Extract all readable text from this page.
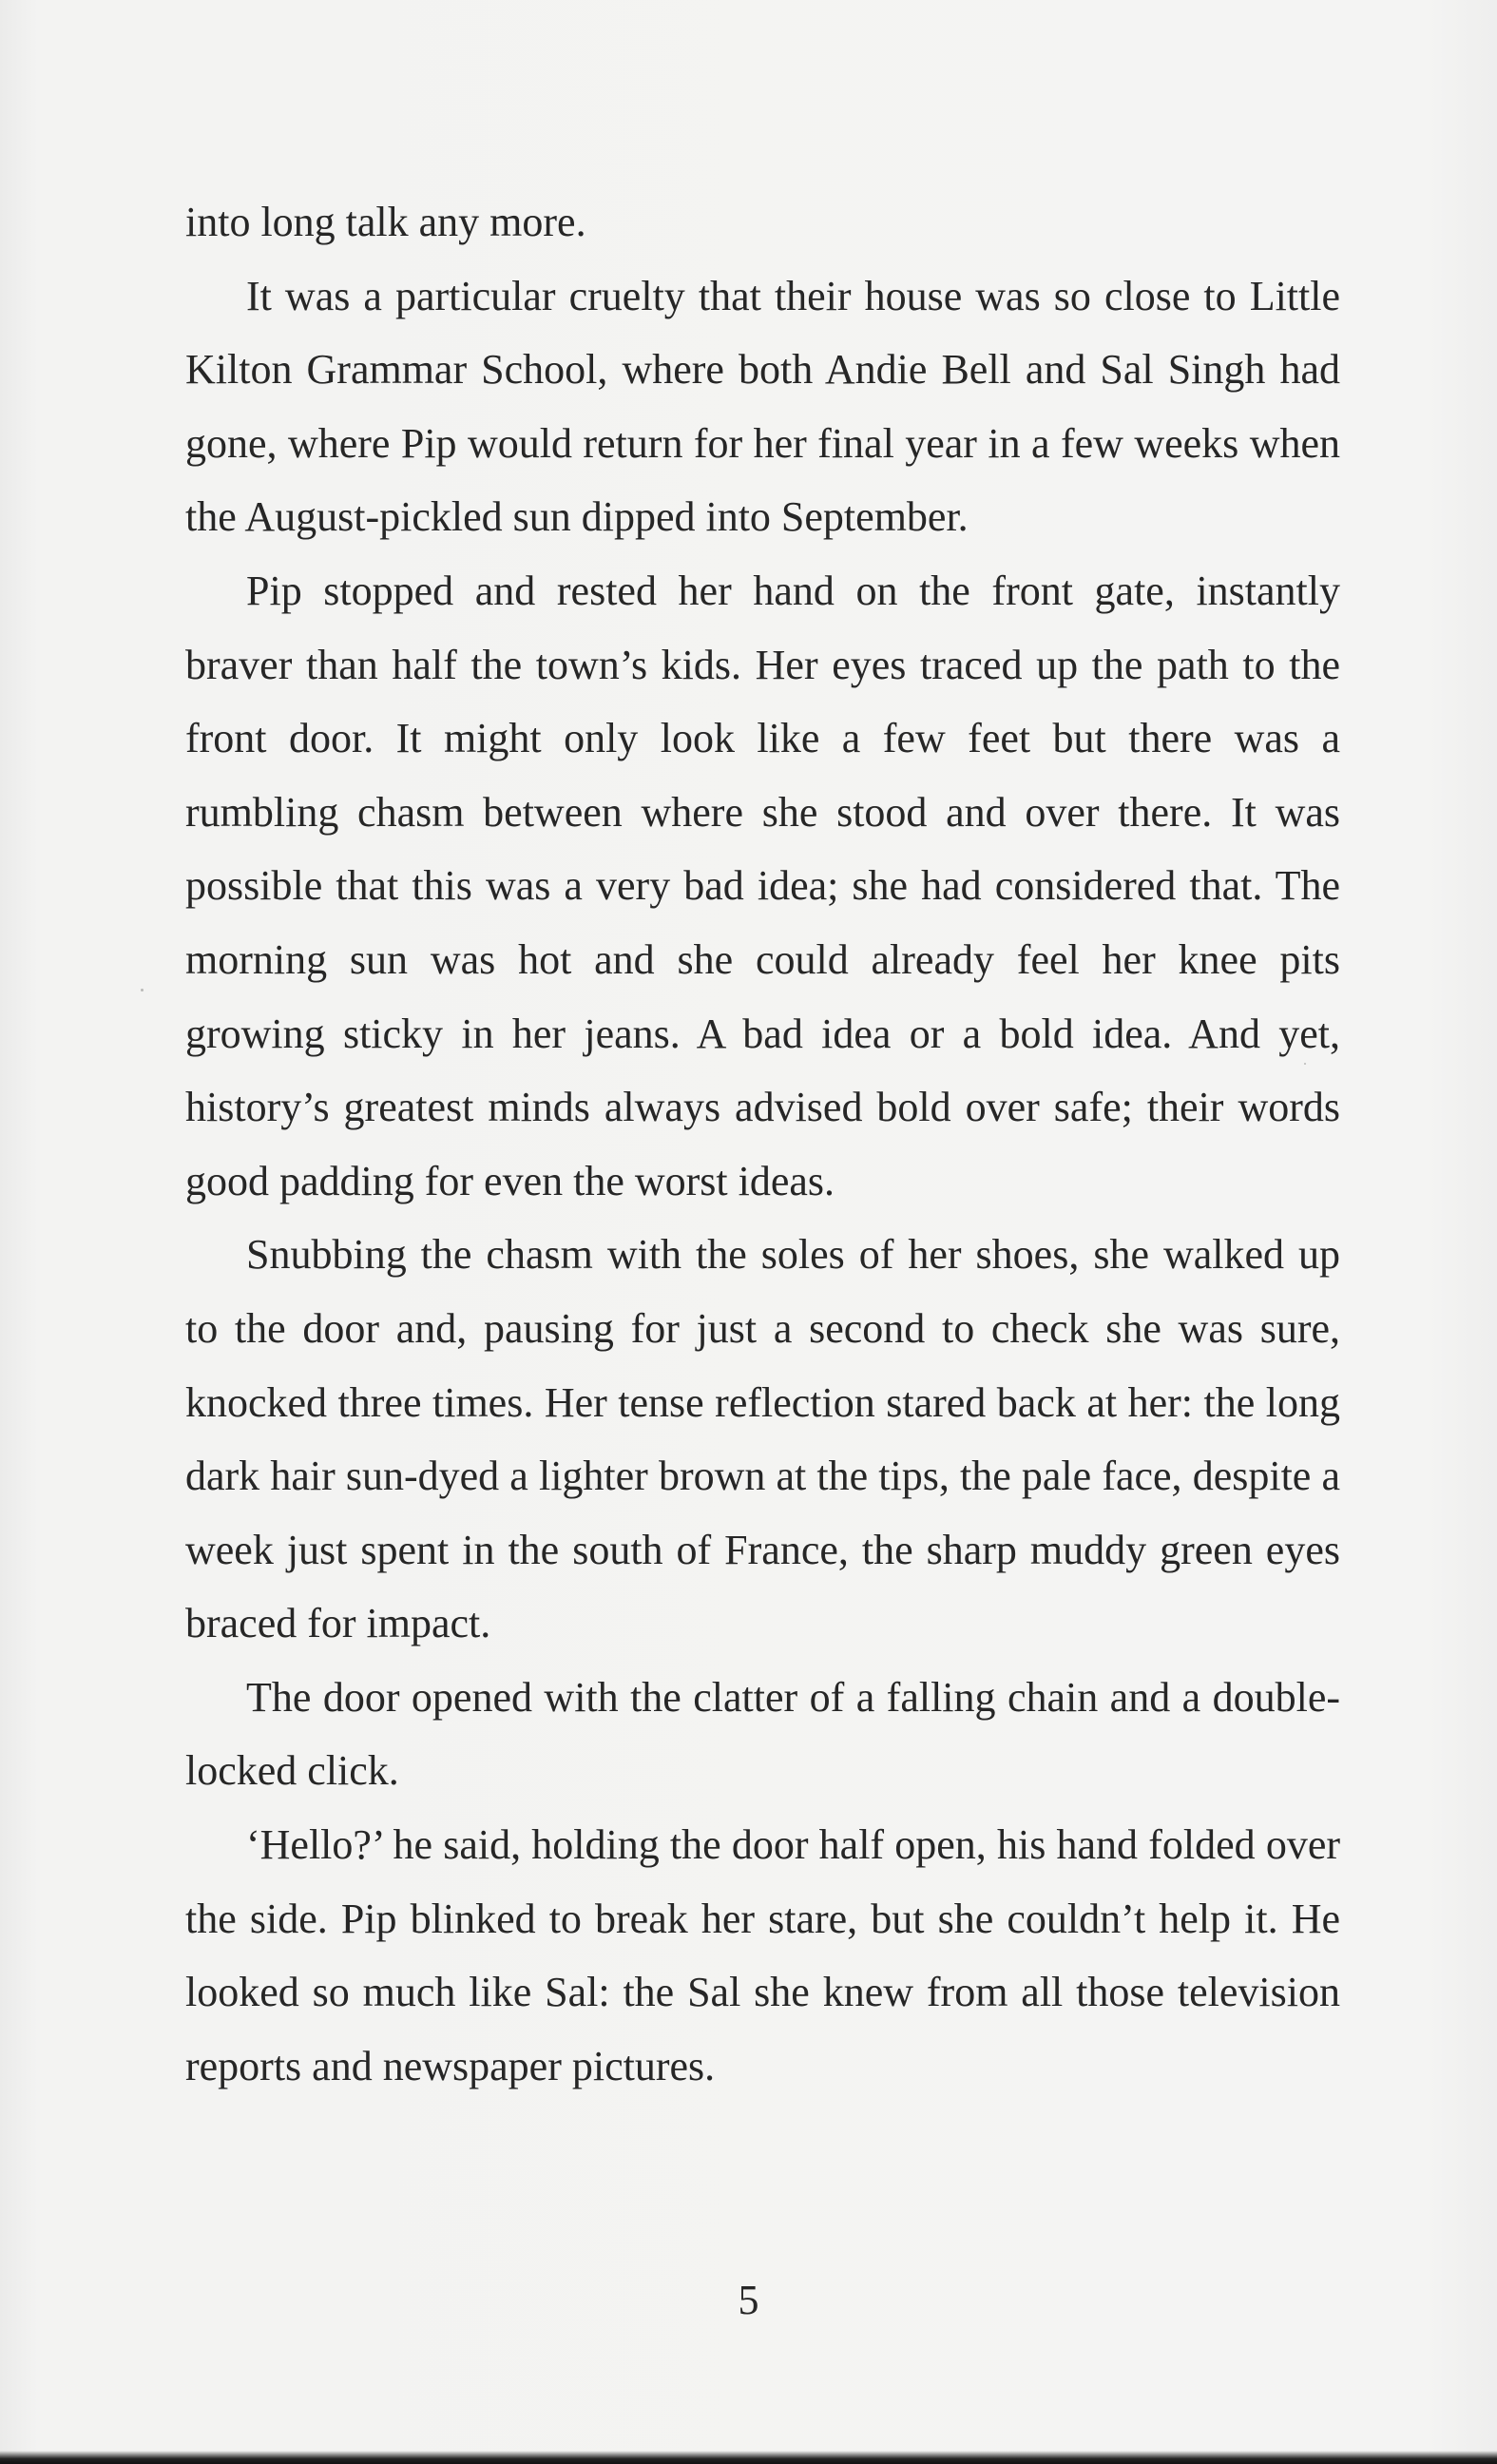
into long talk any more.

It was a particular cruelty that their house was so close to Little Kilton Grammar School, where both Andie Bell and Sal Singh had gone, where Pip would return for her final year in a few weeks when the August-pickled sun dipped into September.

Pip stopped and rested her hand on the front gate, instantly braver than half the town’s kids. Her eyes traced up the path to the front door. It might only look like a few feet but there was a rumbling chasm between where she stood and over there. It was possible that this was a very bad idea; she had considered that. The morning sun was hot and she could already feel her knee pits growing sticky in her jeans. A bad idea or a bold idea. And yet, history’s greatest minds always advised bold over safe; their words good padding for even the worst ideas.

Snubbing the chasm with the soles of her shoes, she walked up to the door and, pausing for just a second to check she was sure, knocked three times. Her tense reflection stared back at her: the long dark hair sun-dyed a lighter brown at the tips, the pale face, despite a week just spent in the south of France, the sharp muddy green eyes braced for impact.

The door opened with the clatter of a falling chain and a double-locked click.

‘Hello?’ he said, holding the door half open, his hand folded over the side. Pip blinked to break her stare, but she couldn’t help it. He looked so much like Sal: the Sal she knew from all those television reports and newspaper pictures.

5
